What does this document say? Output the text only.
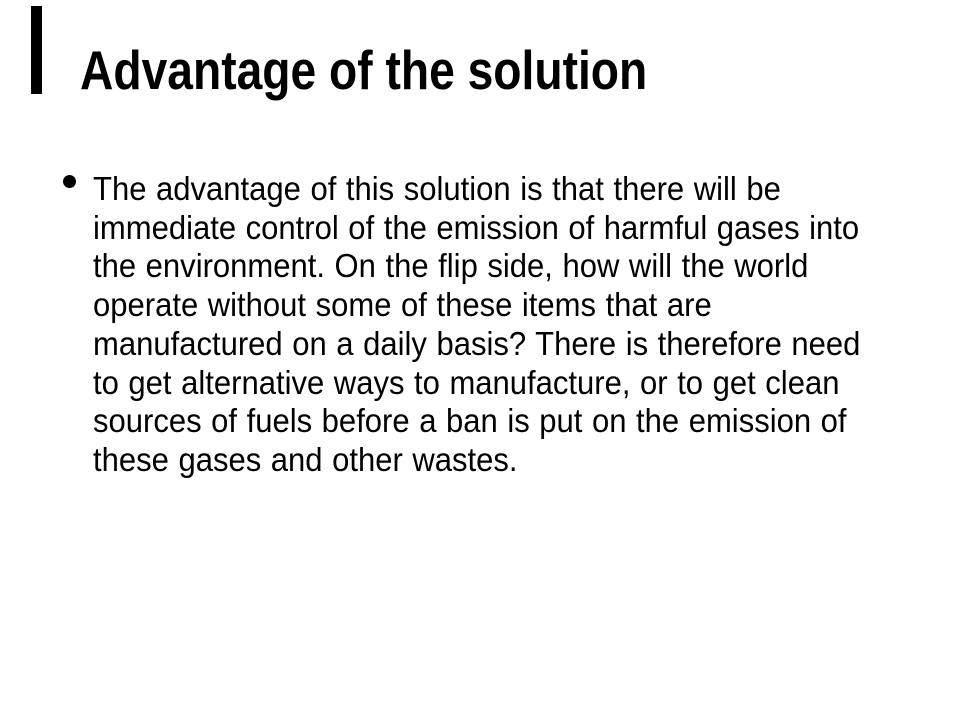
Advantage of the solution
The advantage of this solution is that there will be
immediate control of the emission of harmful gases into
the environment. On the flip side, how will the world
operate without some of these items that are
manufactured on a daily basis? There is therefore need
to get alternative ways to manufacture, or to get clean
sources of fuels before a ban is put on the emission of
these gases and other wastes.
